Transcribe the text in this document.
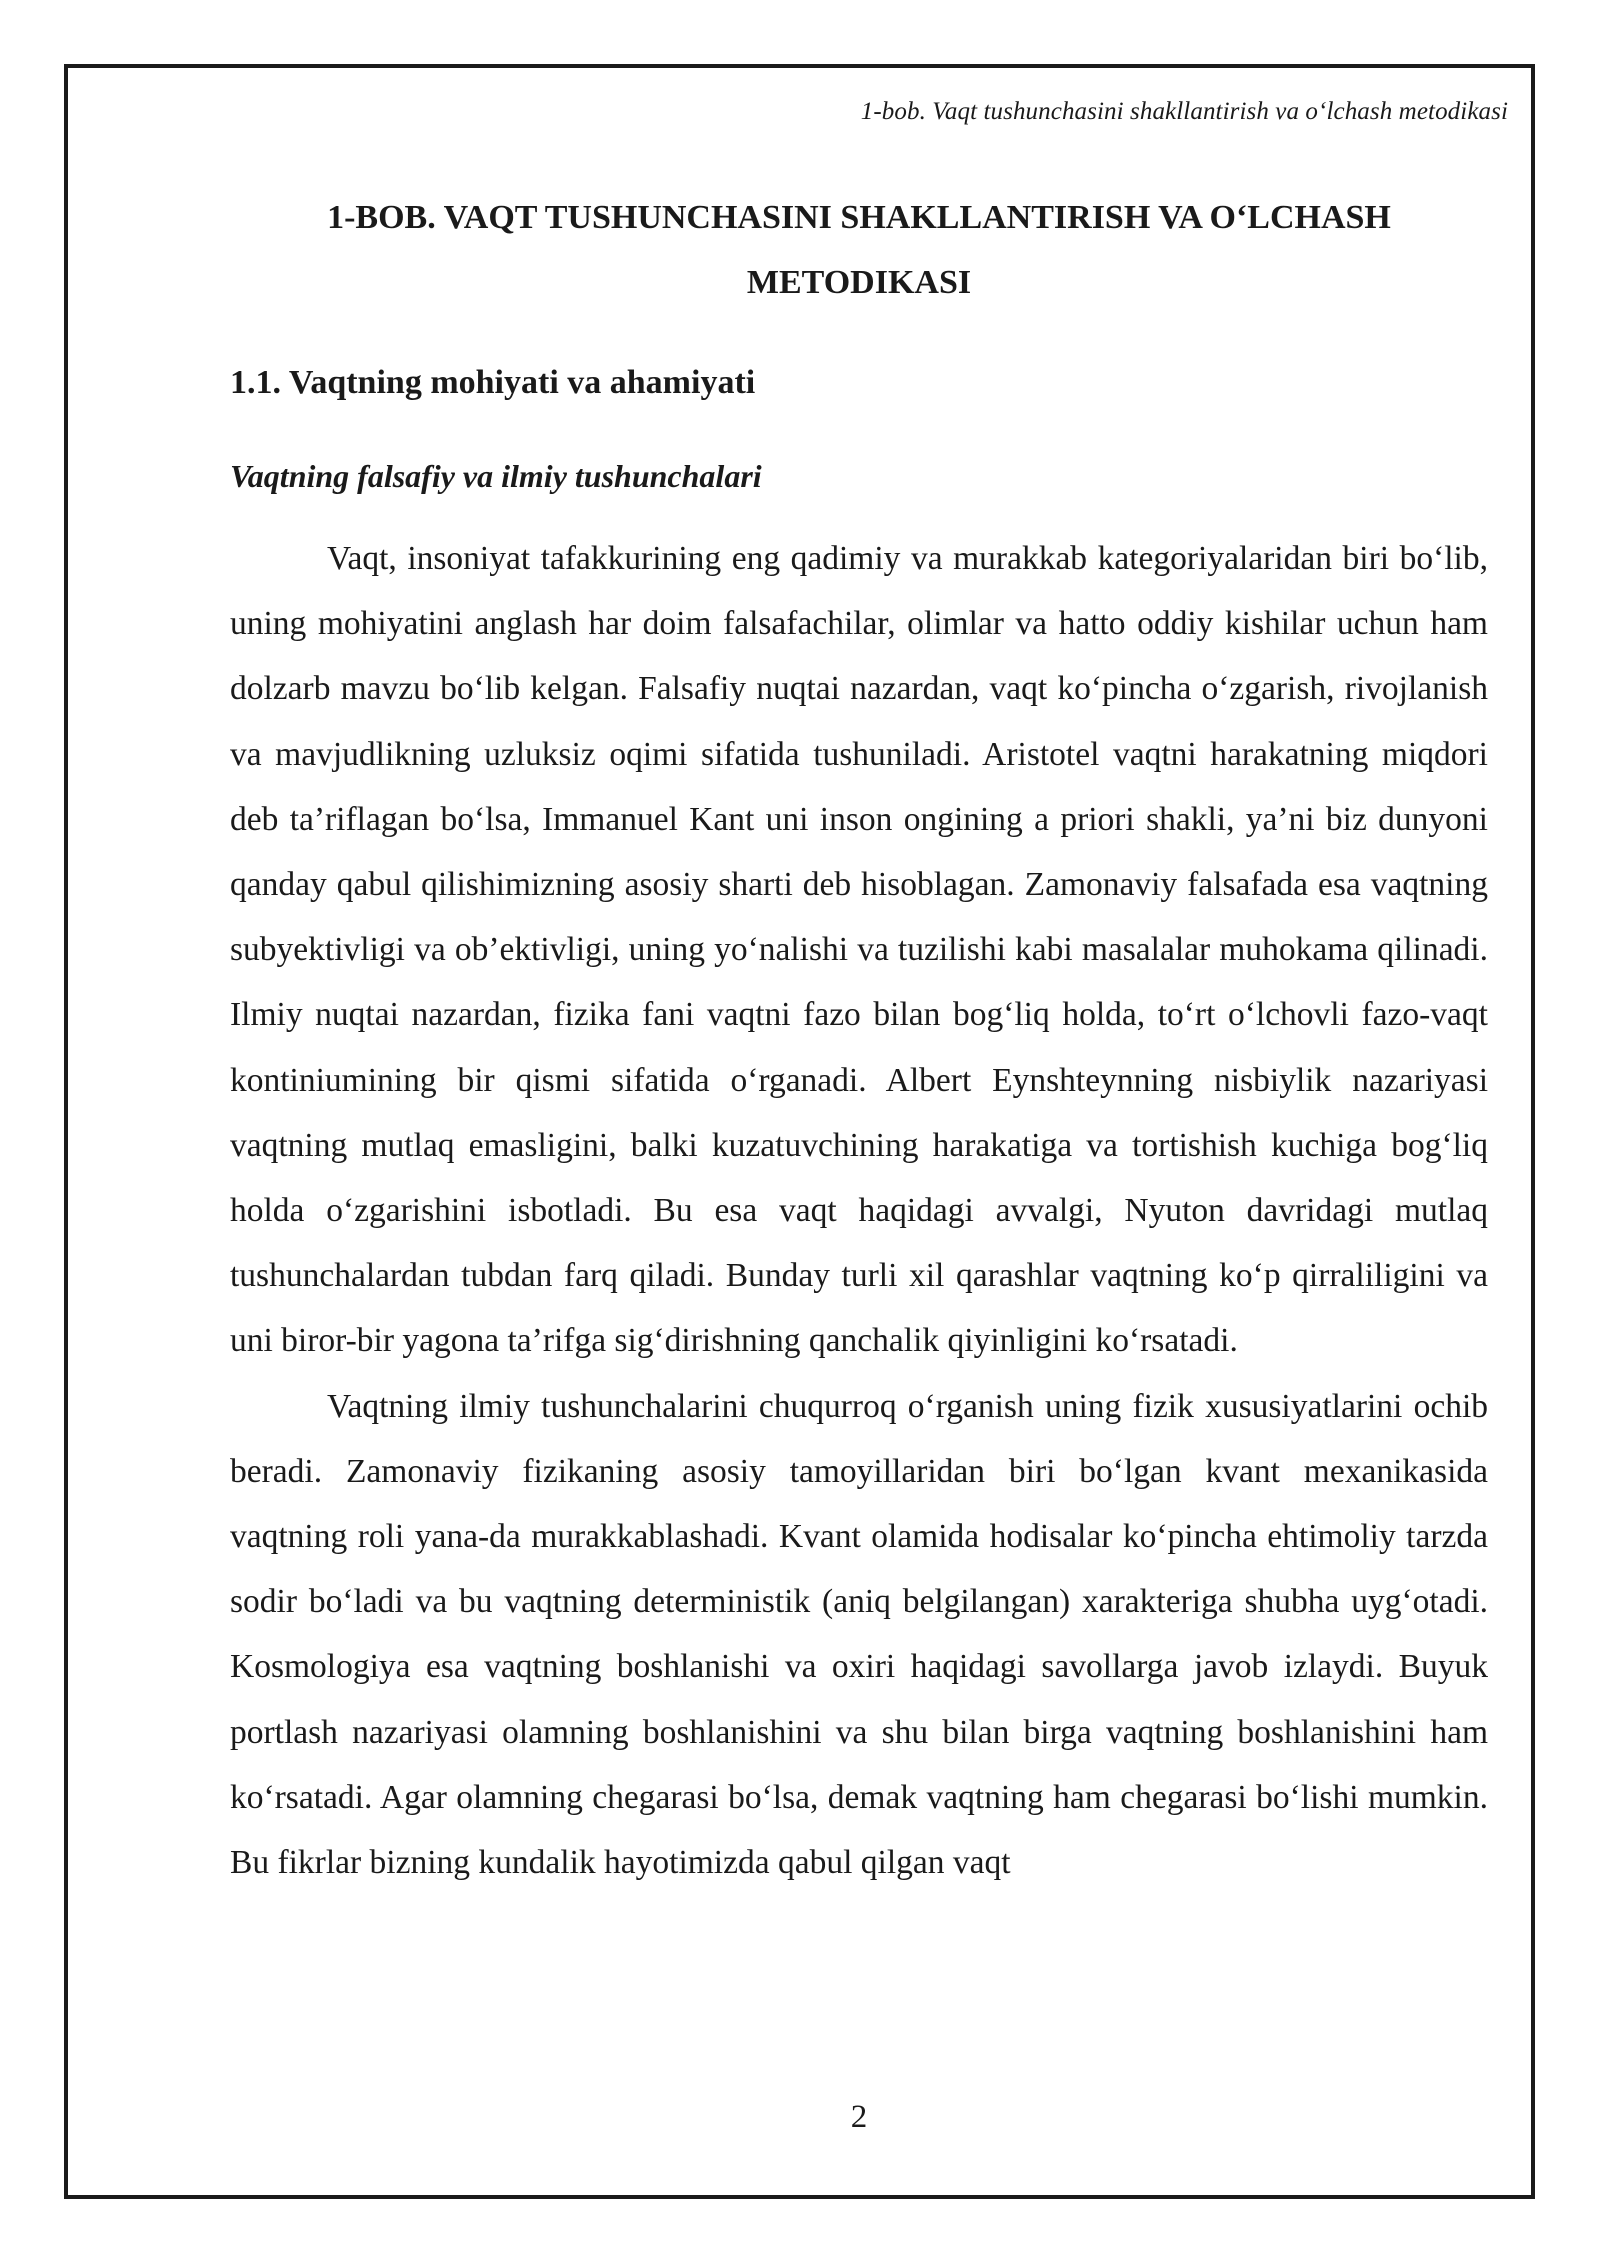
1-bob. Vaqt tushunchasini shakllantirish va o‘lchash metodikasi
1-BOB. VAQT TUSHUNCHASINI SHAKLLANTIRISH VA O‘LCHASH METODIKASI
1.1. Vaqtning mohiyati va ahamiyati
Vaqtning falsafiy va ilmiy tushunchalari

Vaqt, insoniyat tafakkurining eng qadimiy va murakkab kategoriyalaridan biri bo‘lib, uning mohiyatini anglash har doim falsafachilar, olimlar va hatto oddiy kishilar uchun ham dolzarb mavzu bo‘lib kelgan. Falsafiy nuqtai nazardan, vaqt ko‘pincha o‘zgarish, rivojlanish va mavjudlikning uzluksiz oqimi sifatida tushuniladi. Aristotel vaqtni harakatning miqdori deb ta’riflagan bo‘lsa, Immanuel Kant uni inson ongining a priori shakli, ya’ni biz dunyoni qanday qabul qilishimizning asosiy sharti deb hisoblagan. Zamonaviy falsafada esa vaqtning subyektivligi va ob’ektivligi, uning yo‘nalishi va tuzilishi kabi masalalar muhokama qilinadi. Ilmiy nuqtai nazardan, fizika fani vaqtni fazo bilan bog‘liq holda, to‘rt o‘lchovli fazo-vaqt kontiniumining bir qismi sifatida o‘rganadi. Albert Eynshteynning nisbiylik nazariyasi vaqtning mutlaq emasligini, balki kuzatuvchining harakatiga va tortishish kuchiga bog‘liq holda o‘zgarishini isbotladi. Bu esa vaqt haqidagi avvalgi, Nyuton davridagi mutlaq tushunchalardan tubdan farq qiladi. Bunday turli xil qarashlar vaqtning ko‘p qirraliligini va uni biror-bir yagona ta’rifga sig‘dirishning qanchalik qiyinligini ko‘rsatadi.

Vaqtning ilmiy tushunchalarini chuqurroq o‘rganish uning fizik xususiyatlarini ochib beradi. Zamonaviy fizikaning asosiy tamoyillaridan biri bo‘lgan kvant mexanikasida vaqtning roli yana-da murakkablashadi. Kvant olamida hodisalar ko‘pincha ehtimoliy tarzda sodir bo‘ladi va bu vaqtning deterministik (aniq belgilangan) xarakteriga shubha uyg‘otadi. Kosmologiya esa vaqtning boshlanishi va oxiri haqidagi savollarga javob izlaydi. Buyuk portlash nazariyasi olamning boshlanishini va shu bilan birga vaqtning boshlanishini ham ko‘rsatadi. Agar olamning chegarasi bo‘lsa, demak vaqtning ham chegarasi bo‘lishi mumkin. Bu fikrlar bizning kundalik hayotimizda qabul qilgan vaqt

2
